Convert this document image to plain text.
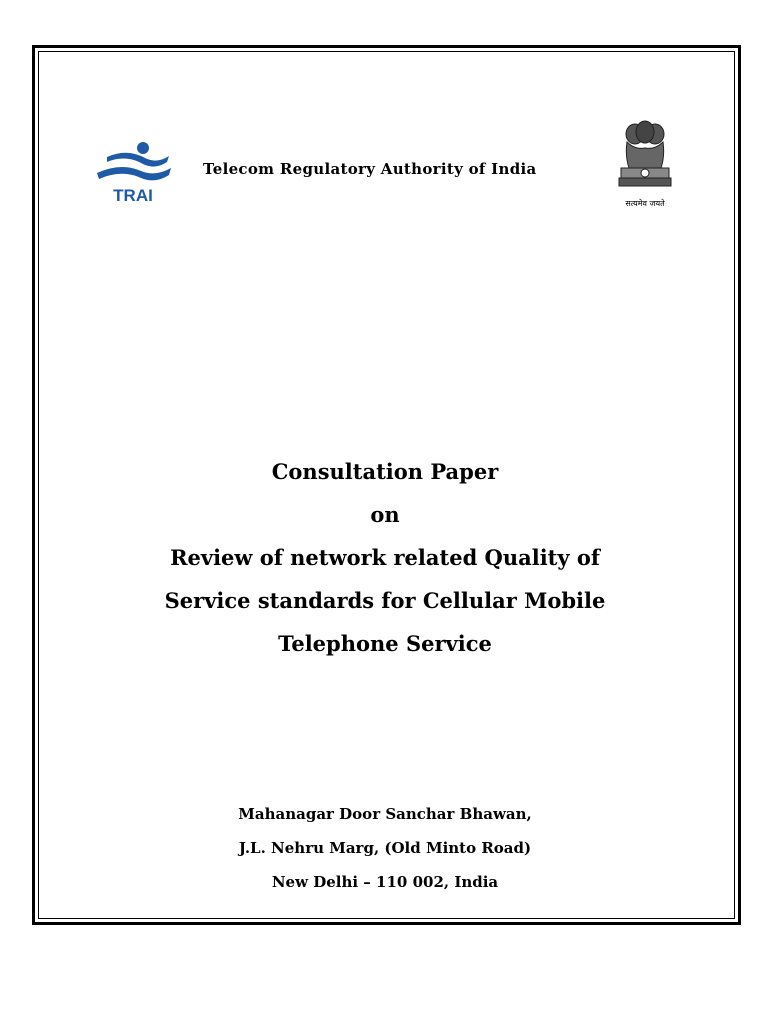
TRAI
Telecom Regulatory Authority of India
सत्यमेव जयते
Consultation Paper
on
Review of network related Quality of
Service standards for Cellular Mobile
Telephone Service
Mahanagar Door Sanchar Bhawan,
J.L. Nehru Marg, (Old Minto Road)
New Delhi – 110 002, India
